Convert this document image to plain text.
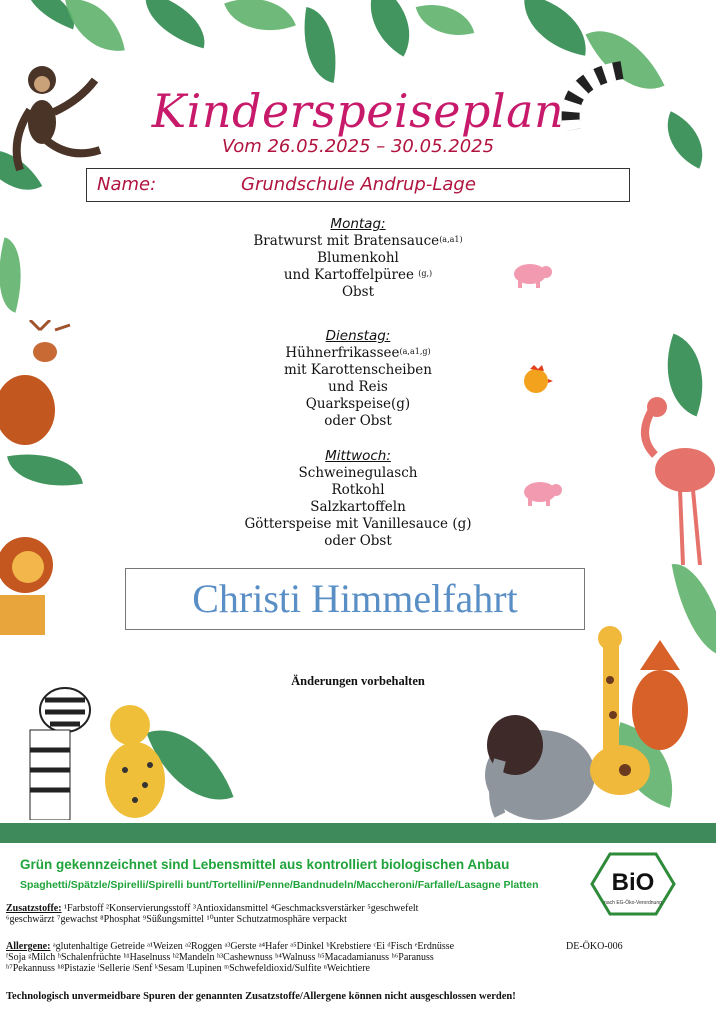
Kinderspeiseplan
Vom 26.05.2025 – 30.05.2025
Name:	Grundschule Andrup-Lage
Montag:
Bratwurst mit Bratensauce$^{(a,a1)}$
Blumenkohl
und Kartoffelpüree $^{(g,)}$
Obst
Dienstag:
Hühnerfrikassee$^{(a,a1,g)}$
mit Karottenscheiben
und Reis
Quarkspeise(g)
oder Obst
Mittwoch:
Schweinegulasch
Rotkohl
Salzkartoffeln
Götterspeise mit Vanillesauce (g)
oder Obst
Christi Himmelfahrt
Änderungen vorbehalten
Grün gekennzeichnet sind Lebensmittel aus kontrolliert biologischen Anbau
Spaghetti/Spätzle/Spirelli/Spirelli bunt/Tortellini/Penne/Bandnudeln/Maccheroni/Farfalle/Lasagne Platten	BiO
nach EG-Öko-Verordnung
Zusatzstoffe: ¹Farbstoff ²Konservierungsstoff ³Antioxidansmittel ⁴Geschmacksverstärker ⁵geschwefelt
⁶geschwärzt ⁷gewachst ⁸Phosphat ⁹Süßungsmittel ¹⁰unter Schutzatmosphäre verpackt
Allergene: ᵃglutenhaltige Getreide ᵃ¹Weizen ᵃ²Roggen ᵃ³Gerste ᵃ⁴Hafer ᵃ⁵Dinkel ᵇKrebstiere ᶜEi ᵈFisch ᵉErdnüsse
ᶠSoja ᵍMilch ʰSchalenfrüchte ʰ¹Haselnuss ʰ²Mandeln ʰ³Cashewnuss ʰ⁴Walnuss ʰ⁵Macadamianuss ʰ⁶Paranuss
ʰ⁷Pekannuss ʰ⁸Pistazie ⁱSellerie ʲSenf ᵏSesam ˡLupinen ᵐSchwefeldioxid/Sulfite ⁿWeichtiere
DE-ÖKO-006
Technologisch unvermeidbare Spuren der genannten Zusatzstoffe/Allergene können nicht ausgeschlossen werden!
